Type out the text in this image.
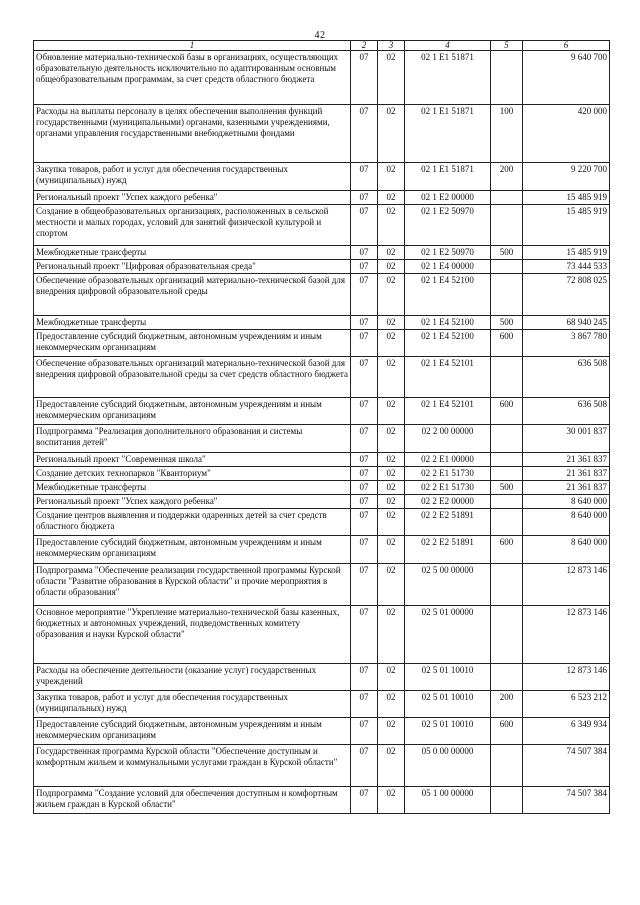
42
1	2	3	4	5	6
Обновление материально-технической базы в организациях, осуществляющих образовательную деятельность исключительно по адаптированным основным общеобразовательным программам, за счет средств областного бюджета	07	02	02 1 E1 51871		9 640 700
Расходы на выплаты персоналу в целях обеспечения выполнения функций государственными (муниципальными) органами, казенными учреждениями, органами управления государственными внебюджетными фондами	07	02	02 1 E1 51871	100	420 000
Закупка товаров, работ и услуг для обеспечения государственных (муниципальных) нужд	07	02	02 1 E1 51871	200	9 220 700
Региональный проект "Успех каждого ребенка"	07	02	02 1 E2 00000		15 485 919
Создание в общеобразовательных организациях, расположенных в сельской местности и малых городах, условий для занятий физической культурой и спортом	07	02	02 1 E2 50970		15 485 919
Межбюджетные трансферты	07	02	02 1 E2 50970	500	15 485 919
Региональный проект "Цифровая образовательная среда"	07	02	02 1 E4 00000		73 444 533
Обеспечение образовательных организаций материально-технической базой для внедрения цифровой образовательной среды	07	02	02 1 E4 52100		72 808 025
Межбюджетные трансферты	07	02	02 1 E4 52100	500	68 940 245
Предоставление субсидий бюджетным, автономным учреждениям и иным некоммерческим организациям	07	02	02 1 E4 52100	600	3 867 780
Обеспечение образовательных организаций материально-технической базой для внедрения цифровой образовательной среды за счет средств областного бюджета	07	02	02 1 E4 52101		636 508
Предоставление субсидий бюджетным, автономным учреждениям и иным некоммерческим организациям	07	02	02 1 E4 52101	600	636 508
Подпрограмма "Реализация дополнительного образования и системы воспитания детей"	07	02	02 2 00 00000		30 001 837
Региональный проект "Современная школа"	07	02	02 2 E1 00000		21 361 837
Создание детских технопарков "Кванториум"	07	02	02 2 E1 51730		21 361 837
Межбюджетные трансферты	07	02	02 2 E1 51730	500	21 361 837
Региональный проект "Успех каждого ребенка"	07	02	02 2 E2 00000		8 640 000
Создание центров выявления и поддержки одаренных детей за счет средств областного бюджета	07	02	02 2 E2 51891		8 640 000
Предоставление субсидий бюджетным, автономным учреждениям и иным некоммерческим организациям	07	02	02 2 E2 51891	600	8 640 000
Подпрограмма "Обеспечение реализации государственной программы Курской области "Развитие образования в Курской области" и прочие мероприятия в области образования"	07	02	02 5 00 00000		12 873 146
Основное мероприятие "Укрепление материально-технической базы казенных, бюджетных и автономных учреждений, подведомственных комитету образования и науки Курской области"	07	02	02 5 01 00000		12 873 146
Расходы на обеспечение деятельности (оказание услуг) государственных учреждений	07	02	02 5 01 10010		12 873 146
Закупка товаров, работ и услуг для обеспечения государственных (муниципальных) нужд	07	02	02 5 01 10010	200	6 523 212
Предоставление субсидий бюджетным, автономным учреждениям и иным некоммерческим организациям	07	02	02 5 01 10010	600	6 349 934
Государственная программа Курской области "Обеспечение доступным и комфортным жильем и коммунальными услугами граждан в Курской области"	07	02	05 0 00 00000		74 507 384
Подпрограмма "Создание условий для обеспечения доступным и комфортным жильем граждан в Курской области"	07	02	05 1 00 00000		74 507 384
